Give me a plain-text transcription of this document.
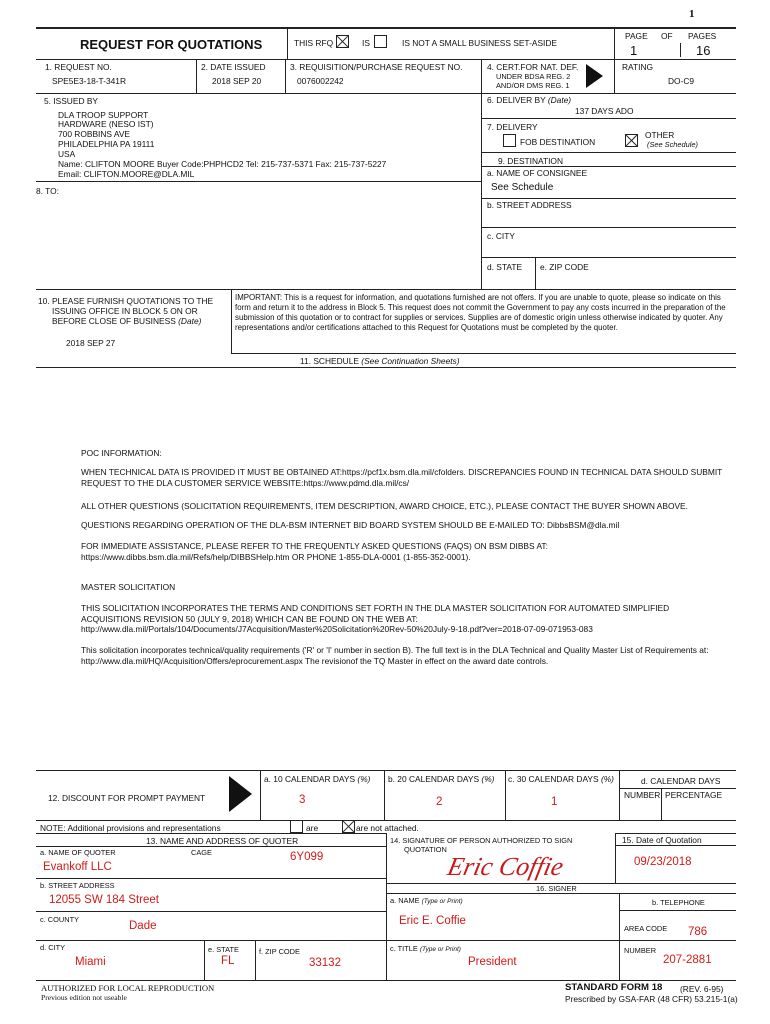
1
REQUEST FOR QUOTATIONS	THIS RFQ	IS	IS NOT A SMALL BUSINESS SET-ASIDE
PAGE OF PAGES
1	16
1. REQUEST NO.
SPE5E3-18-T-341R
2. DATE ISSUED
2018 SEP 20
3. REQUISITION/PURCHASE REQUEST NO.
0076002242
4. CERT.FOR NAT. DEF.
UNDER BDSA REG. 2
AND/OR DMS REG. 1
RATING
DO-C9
5. ISSUED BY
DLA TROOP SUPPORT
HARDWARE (NESO IST)
700 ROBBINS AVE
PHILADELPHIA PA 19111
USA
Name: CLIFTON MOORE Buyer Code:PHPHCD2 Tel: 215-737-5371 Fax: 215-737-5227
Email: CLIFTON.MOORE@DLA.MIL
6. DELIVER BY (Date)
137 DAYS ADO
7. DELIVERY
FOB DESTINATION
OTHER
(See Schedule)
9. DESTINATION
a. NAME OF CONSIGNEE
See Schedule
8. TO:
b. STREET ADDRESS
c. CITY
d. STATE e. ZIP CODE
10. PLEASE FURNISH QUOTATIONS TO THE
ISSUING OFFICE IN BLOCK 5 ON OR
BEFORE CLOSE OF BUSINESS (Date)
2018 SEP 27
IMPORTANT: This is a request for information, and quotations furnished are not offers. If you are unable to quote, please so indicate on this form and return it to the address in Block 5. This request does not commit the Government to pay any costs incurred in the preparation of the submission of this quotation or to contract for supplies or services. Supplies are of domestic origin unless otherwise indicated by quoter. Any representations and/or certifications attached to this Request for Quotations must be completed by the quoter.
11. SCHEDULE (See Continuation Sheets)
POC INFORMATION:
WHEN TECHNICAL DATA IS PROVIDED IT MUST BE OBTAINED AT:https://pcf1x.bsm.dla.mil/cfolders. DISCREPANCIES FOUND IN TECHNICAL DATA SHOULD SUBMIT REQUEST TO THE DLA CUSTOMER SERVICE WEBSITE:https://www.pdmd.dla.mil/cs/
ALL OTHER QUESTIONS (SOLICITATION REQUIREMENTS, ITEM DESCRIPTION, AWARD CHOICE, ETC.), PLEASE CONTACT THE BUYER SHOWN ABOVE.
QUESTIONS REGARDING OPERATION OF THE DLA-BSM INTERNET BID BOARD SYSTEM SHOULD BE E-MAILED TO: DibbsBSM@dla.mil
FOR IMMEDIATE ASSISTANCE, PLEASE REFER TO THE FREQUENTLY ASKED QUESTIONS (FAQS) ON BSM DIBBS AT: https://www.dibbs.bsm.dla.mil/Refs/help/DIBBSHelp.htm OR PHONE 1-855-DLA-0001 (1-855-352-0001).
MASTER SOLICITATION
THIS SOLICITATION INCORPORATES THE TERMS AND CONDITIONS SET FORTH IN THE DLA MASTER SOLICITATION FOR AUTOMATED SIMPLIFIED ACQUISITIONS REVISION 50 (JULY 9, 2018) WHICH CAN BE FOUND ON THE WEB AT: http://www.dla.mil/Portals/104/Documents/J7Acquisition/Master%20Solicitation%20Rev-50%20July-9-18.pdf?ver=2018-07-09-071953-083
This solicitation incorporates technical/quality requirements ('R' or 'I' number in section B). The full text is in the DLA Technical and Quality Master List of Requirements at: http://www.dla.mil/HQ/Acquisition/Offers/eprocurement.aspx The revisionof the TQ Master in effect on the award date controls.
12. DISCOUNT FOR PROMPT PAYMENT
a. 10 CALENDAR DAYS (%) b. 20 CALENDAR DAYS (%) c. 30 CALENDAR DAYS (%)	d. CALENDAR DAYS
NUMBER PERCENTAGE
3	2	1
NOTE: Additional provisions and representations	are	are not attached.
13. NAME AND ADDRESS OF QUOTER
a. NAME OF QUOTER	CAGE
Evankoff LLC
6Y099
b. STREET ADDRESS
12055 SW 184 Street
c. COUNTY
Dade
d. CITY	e. STATE	f. ZIP CODE
Miami	FL	33132
14. SIGNATURE OF PERSON AUTHORIZED TO SIGN
QUOTATION
Eric Coffie
15. Date of Quotation
09/23/2018
16. SIGNER
a. NAME (Type or Print)	b. TELEPHONE
Eric E. Coffie
AREA CODE 786
c. TITLE (Type or Print)	NUMBER
President	207-2881
AUTHORIZED FOR LOCAL REPRODUCTION
Previous edition not useable
STANDARD FORM 18 (REV. 6-95)
Prescribed by GSA-FAR (48 CFR) 53.215-1(a)
